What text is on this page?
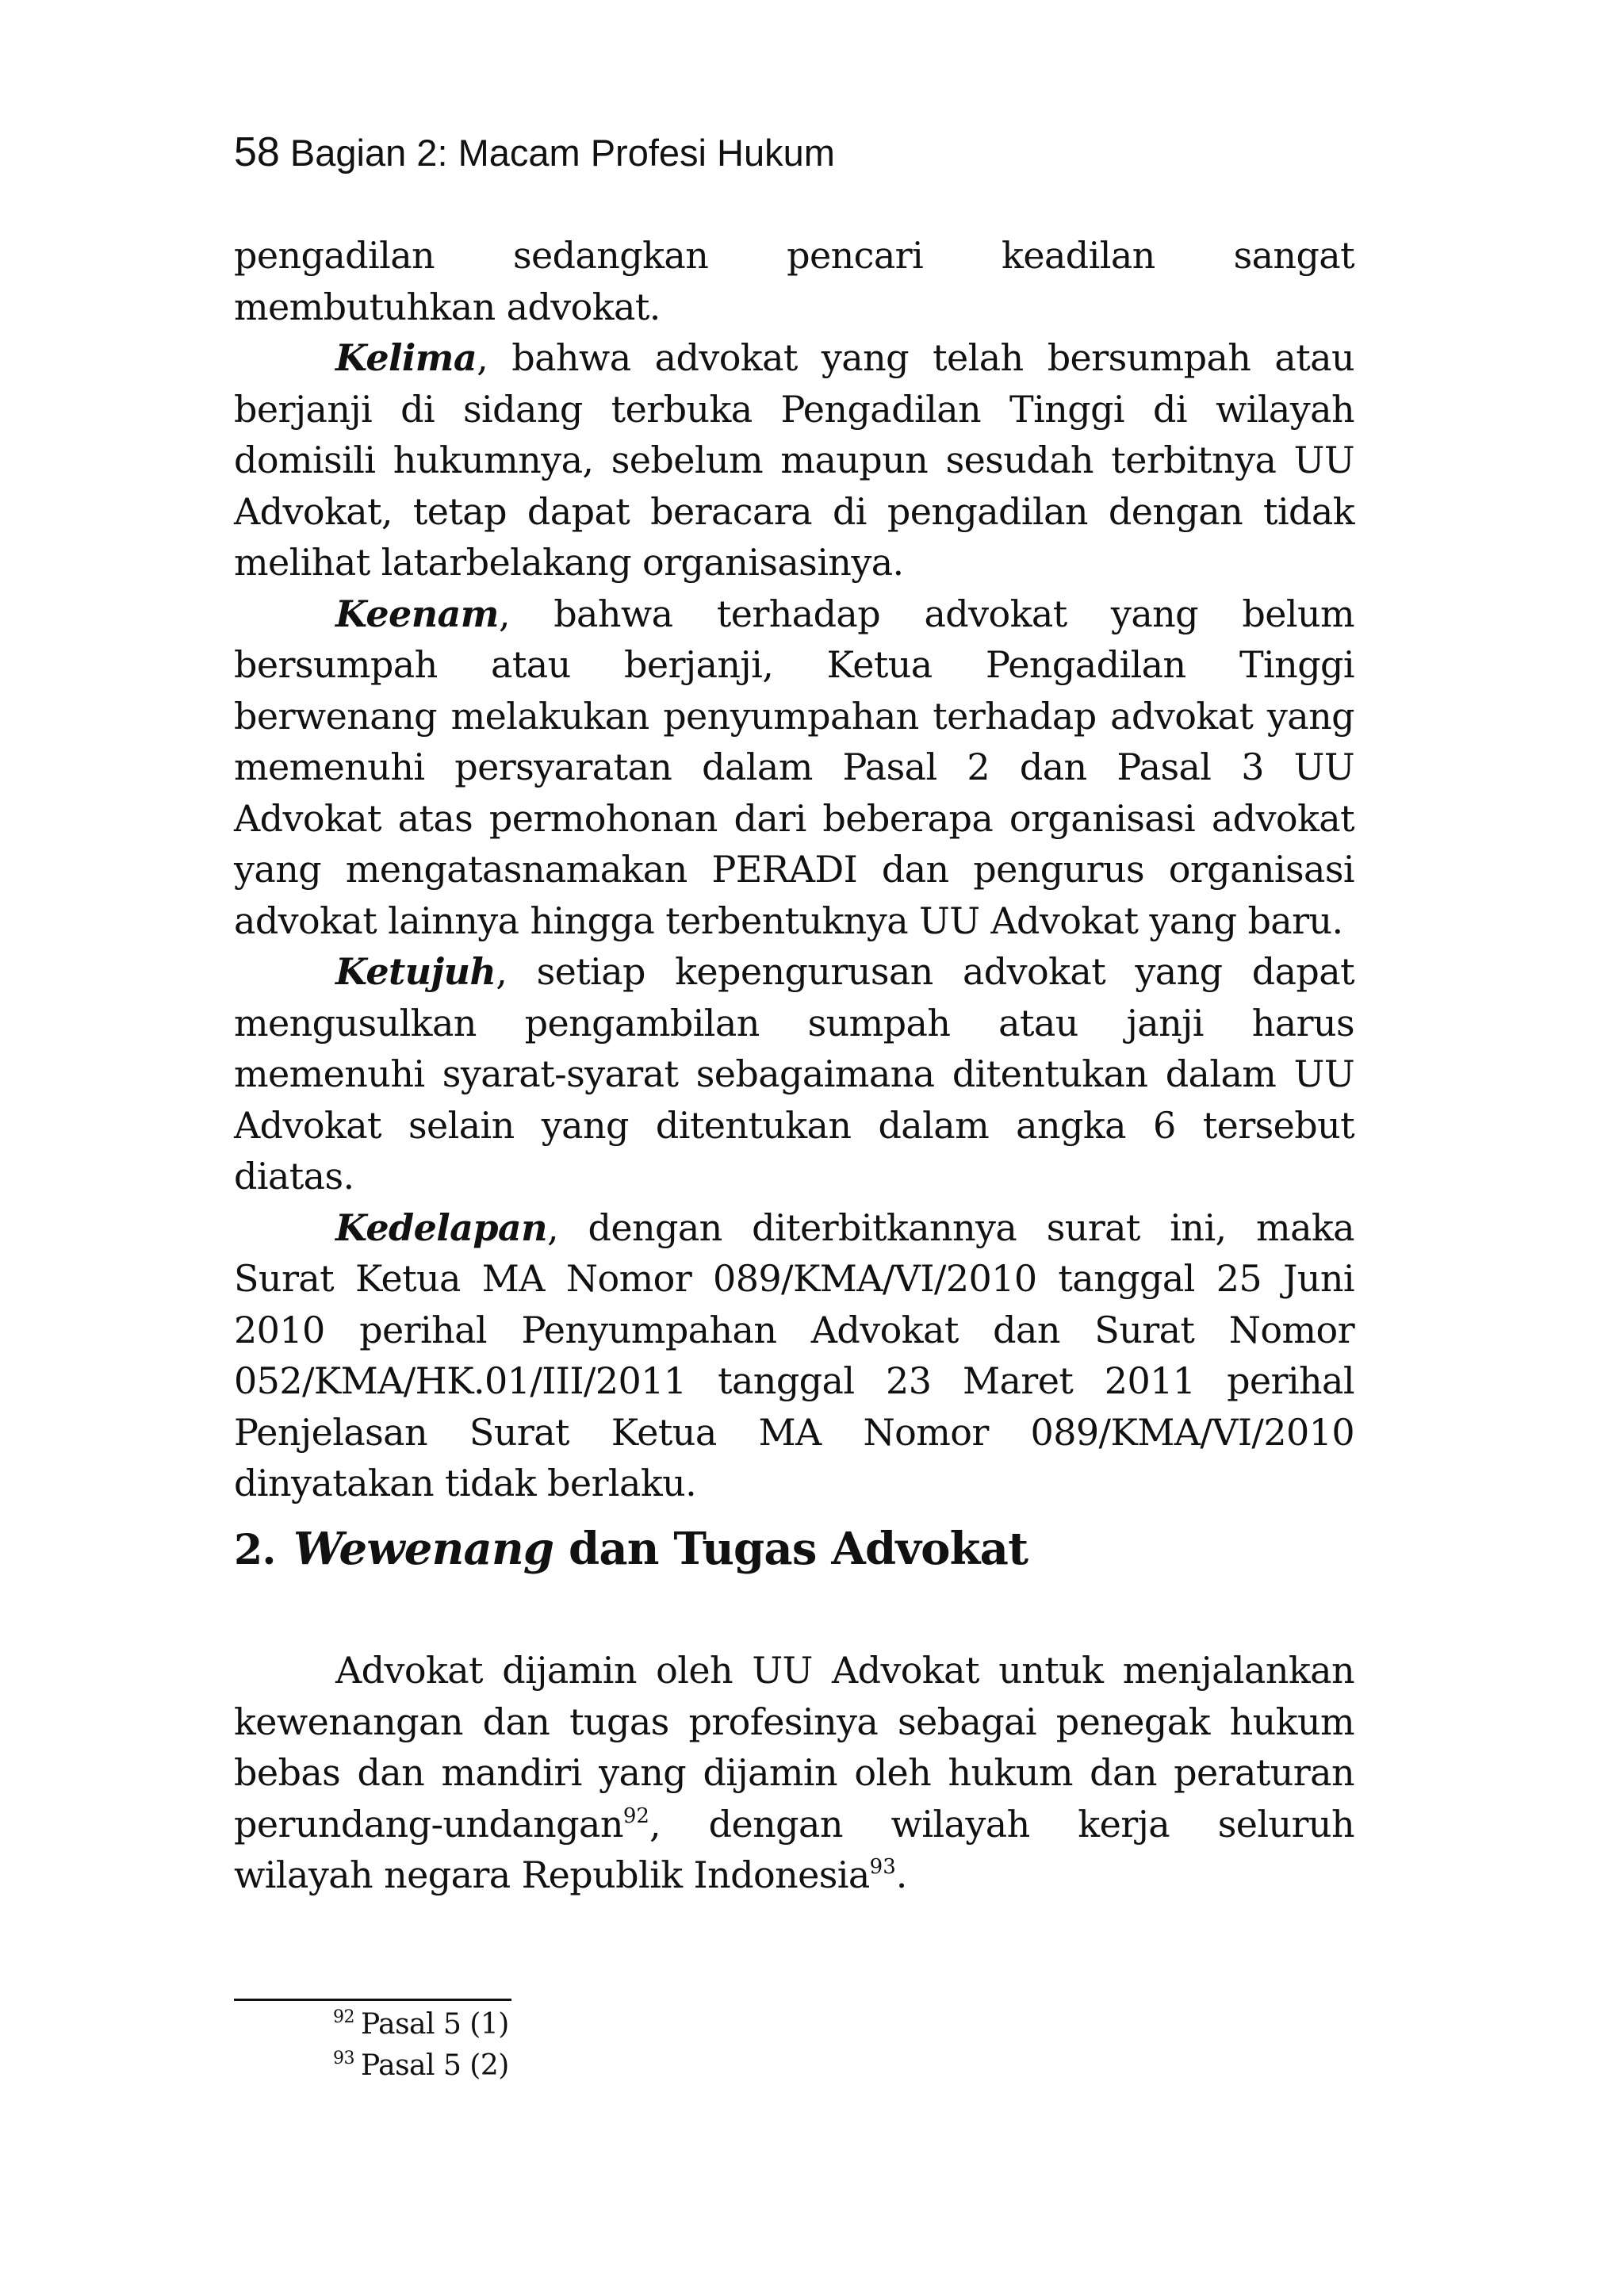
58 Bagian 2: Macam Profesi Hukum

pengadilan sedangkan pencari keadilan sangat membutuhkan advokat.

Kelima, bahwa advokat yang telah bersumpah atau berjanji di sidang terbuka Pengadilan Tinggi di wilayah domisili hukumnya, sebelum maupun sesudah terbitnya UU Advokat, tetap dapat beracara di pengadilan dengan tidak melihat latarbelakang organisasinya.

Keenam, bahwa terhadap advokat yang belum bersumpah atau berjanji, Ketua Pengadilan Tinggi berwenang melakukan penyumpahan terhadap advokat yang memenuhi persyaratan dalam Pasal 2 dan Pasal 3 UU Advokat atas permohonan dari beberapa organisasi advokat yang mengatasnamakan PERADI dan pengurus organisasi advokat lainnya hingga terbentuknya UU Advokat yang baru.

Ketujuh, setiap kepengurusan advokat yang dapat mengusulkan pengambilan sumpah atau janji harus memenuhi syarat-syarat sebagaimana ditentukan dalam UU Advokat selain yang ditentukan dalam angka 6 tersebut diatas.

Kedelapan, dengan diterbitkannya surat ini, maka Surat Ketua MA Nomor 089/KMA/VI/2010 tanggal 25 Juni 2010 perihal Penyumpahan Advokat dan Surat Nomor 052/KMA/HK.01/III/2011 tanggal 23 Maret 2011 perihal Penjelasan Surat Ketua MA Nomor 089/KMA/VI/2010 dinyatakan tidak berlaku.

2. Wewenang dan Tugas Advokat

Advokat dijamin oleh UU Advokat untuk menjalankan kewenangan dan tugas profesinya sebagai penegak hukum bebas dan mandiri yang dijamin oleh hukum dan peraturan perundang-undangan$^{92}$, dengan wilayah kerja seluruh wilayah negara Republik Indonesia$^{93}$.

$^{92}$ Pasal 5 (1)
$^{93}$ Pasal 5 (2)
